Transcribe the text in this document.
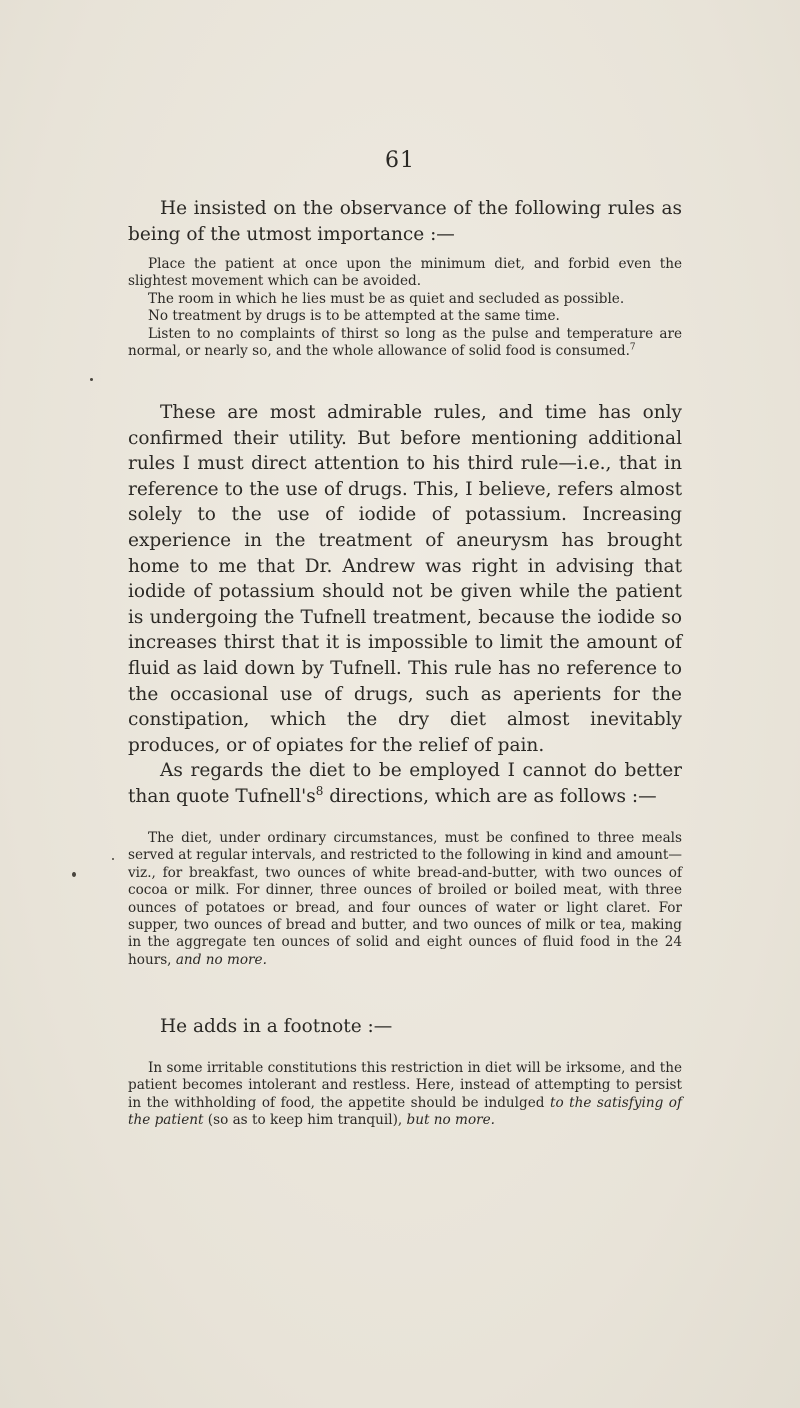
61

He insisted on the observance of the following rules as being of the utmost importance :—

Place the patient at once upon the minimum diet, and forbid even the slightest movement which can be avoided.

The room in which he lies must be as quiet and secluded as possible.

No treatment by drugs is to be attempted at the same time.

Listen to no complaints of thirst so long as the pulse and temperature are normal, or nearly so, and the whole allowance of solid food is consumed.$^7$

These are most admirable rules, and time has only confirmed their utility. But before mentioning additional rules I must direct attention to his third rule—i.e., that in reference to the use of drugs. This, I believe, refers almost solely to the use of iodide of potassium. Increasing experience in the treatment of aneurysm has brought home to me that Dr. Andrew was right in advising that iodide of potassium should not be given while the patient is undergoing the Tufnell treatment, because the iodide so increases thirst that it is impossible to limit the amount of fluid as laid down by Tufnell. This rule has no reference to the occasional use of drugs, such as aperients for the constipation, which the dry diet almost inevitably produces, or of opiates for the relief of pain.

As regards the diet to be employed I cannot do better than quote $Tufnell's^8$ directions, which are as follows :—

The diet, under ordinary circumstances, must be confined to three meals served at regular intervals, and restricted to the following in kind and amount—viz., for breakfast, two ounces of white bread-and-butter, with two ounces of cocoa or milk. For dinner, three ounces of broiled or boiled meat, with three ounces of potatoes or bread, and four ounces of water or light claret. For supper, two ounces of bread and butter, and two ounces of milk or tea, making in the aggregate ten ounces of solid and eight ounces of fluid food in the 24 hours, and no more.

He adds in a footnote :—

In some irritable constitutions this restriction in diet will be irksome, and the patient becomes intolerant and restless. Here, instead of attempting to persist in the withholding of food, the appetite should be indulged to the satisfying of the patient (so as to keep him tranquil), but no more.
